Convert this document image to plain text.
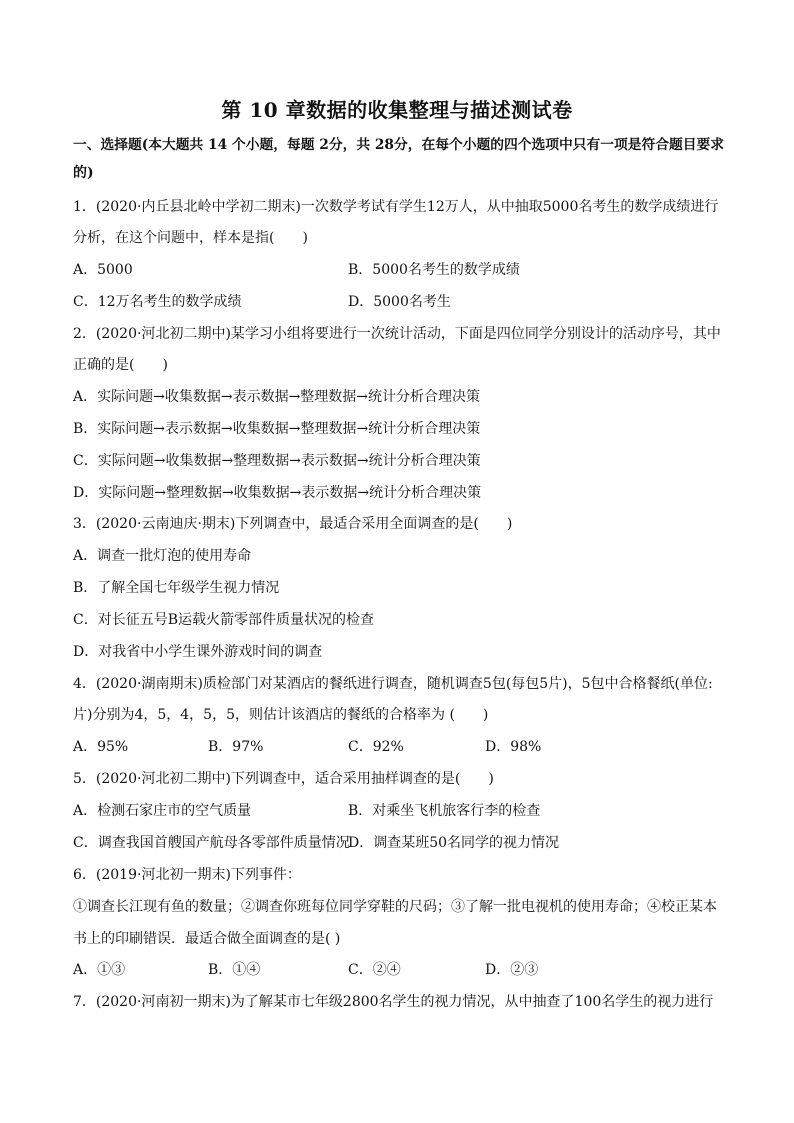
第 10 章数据的收集整理与描述测试卷
一、选择题(本大题共 14 个小题，每题 2分，共 28分，在每个小题的四个选项中只有一项是符合题目要求
的)
1．(2020·内丘县北岭中学初二期末)一次数学考试有学生12万人，从中抽取5000名考生的数学成绩进行
分析，在这个问题中，样本是指(　　)
A．5000	B．5000名考生的数学成绩
C．12万名考生的数学成绩	D．5000名考生
2．(2020·河北初二期中)某学习小组将要进行一次统计活动，下面是四位同学分别设计的活动序号，其中
正确的是(　　)
A．实际问题→收集数据→表示数据→整理数据→统计分析合理决策
B．实际问题→表示数据→收集数据→整理数据→统计分析合理决策
C．实际问题→收集数据→整理数据→表示数据→统计分析合理决策
D．实际问题→整理数据→收集数据→表示数据→统计分析合理决策
3．(2020·云南迪庆·期末)下列调查中，最适合采用全面调查的是(　　)
A．调查一批灯泡的使用寿命
B．了解全国七年级学生视力情况
C．对长征五号B运载火箭零部件质量状况的检查
D．对我省中小学生课外游戏时间的调查
4．(2020·湖南期末)质检部门对某酒店的餐纸进行调查，随机调查5包(每包5片)，5包中合格餐纸(单位:
片)分别为4，5，4，5，5，则估计该酒店的餐纸的合格率为 (　　)
A．95%	B．97%	C．92%	D．98%
5．(2020·河北初二期中)下列调查中，适合采用抽样调查的是(　　)
A．检测石家庄市的空气质量	B．对乘坐飞机旅客行李的检查
C．调查我国首艘国产航母各零部件质量情况
D．调查某班50名同学的视力情况
6．(2019·河北初一期末)下列事件：
①调查长江现有鱼的数量；②调查你班每位同学穿鞋的尺码；③了解一批电视机的使用寿命；④校正某本
书上的印刷错误．最适合做全面调查的是( )
A．①③	B．①④	C．②④	D．②③
7．(2020·河南初一期末)为了解某市七年级2800名学生的视力情况，从中抽查了100名学生的视力进行
